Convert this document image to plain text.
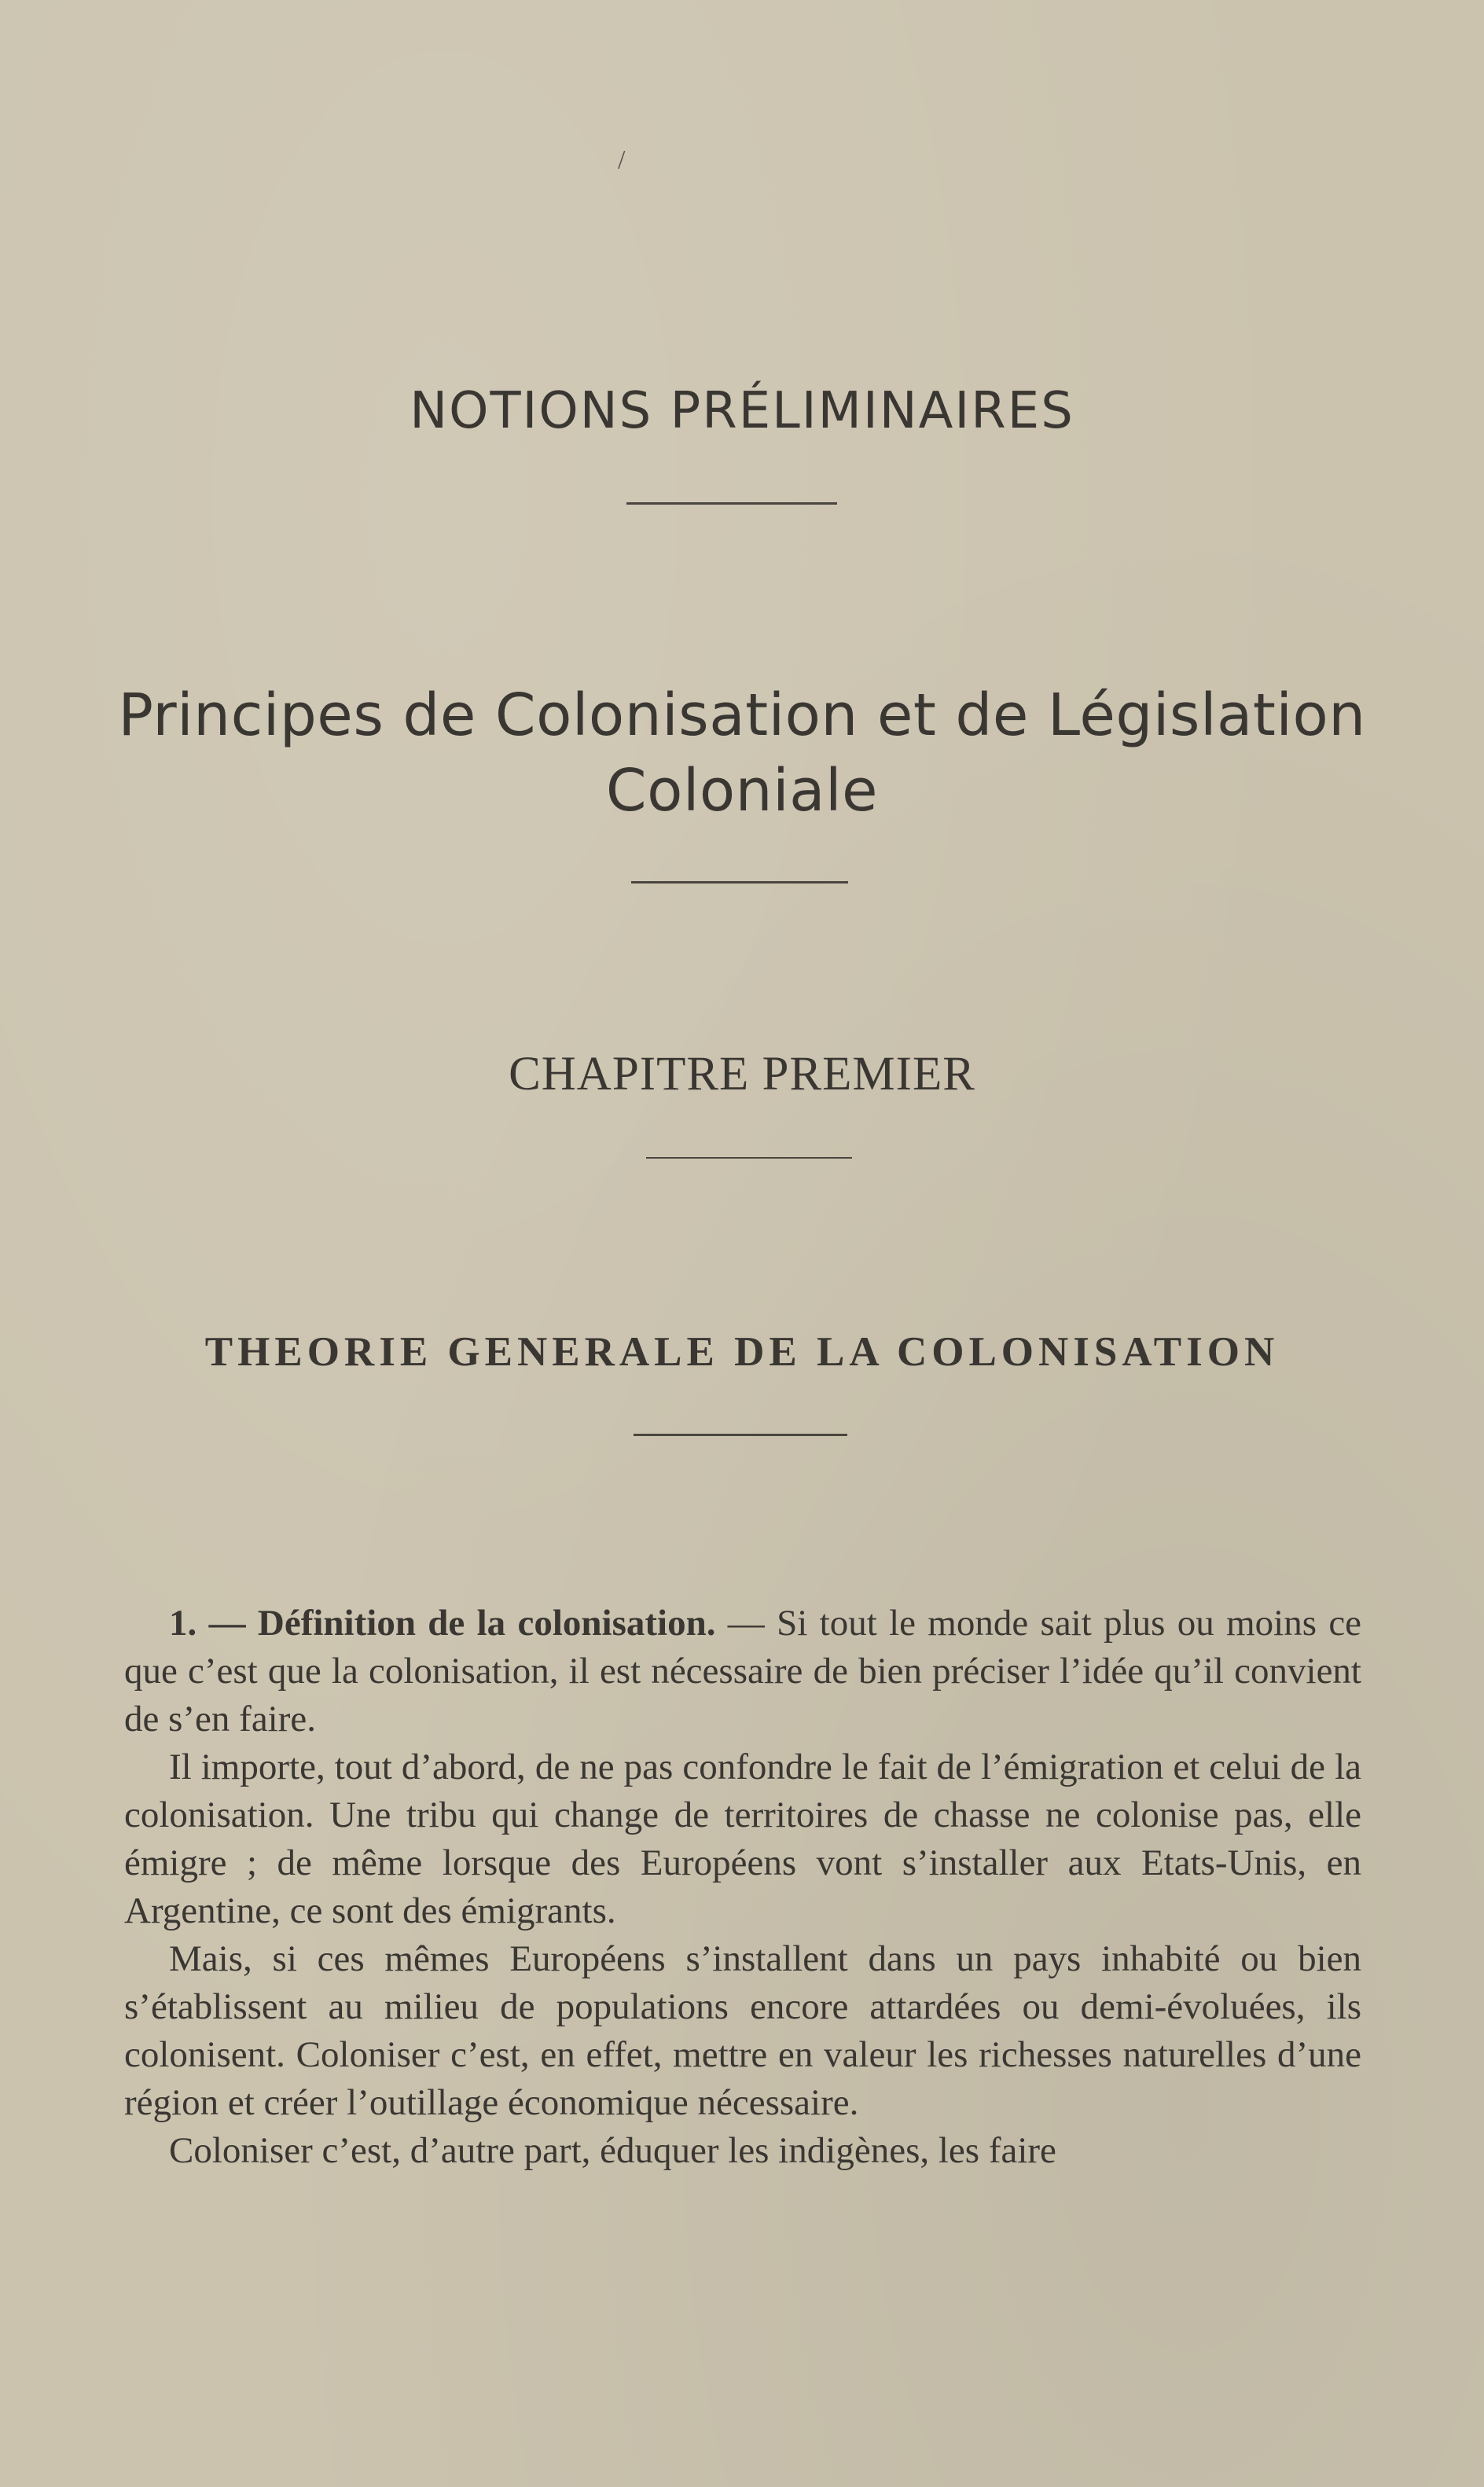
/
NOTIONS PRÉLIMINAIRES
Principes de Colonisation et de Législation
Coloniale
CHAPITRE PREMIER
THEORIE GENERALE DE LA COLONISATION

1. — Définition de la colonisation. — Si tout le monde sait plus ou moins ce que c’est que la colonisation, il est nécessaire de bien préciser l’idée qu’il convient de s’en faire.

Il importe, tout d’abord, de ne pas confondre le fait de l’émigration et celui de la colonisation. Une tribu qui change de territoires de chasse ne colonise pas, elle émigre ; de même lorsque des Européens vont s’installer aux Etats-Unis, en Argentine, ce sont des émigrants.

Mais, si ces mêmes Européens s’installent dans un pays inhabité ou bien s’établissent au milieu de populations encore attardées ou demi-évoluées, ils colonisent. Coloniser c’est, en effet, mettre en valeur les richesses naturelles d’une région et créer l’outillage économique nécessaire.

Coloniser c’est, d’autre part, éduquer les indigènes, les faire
